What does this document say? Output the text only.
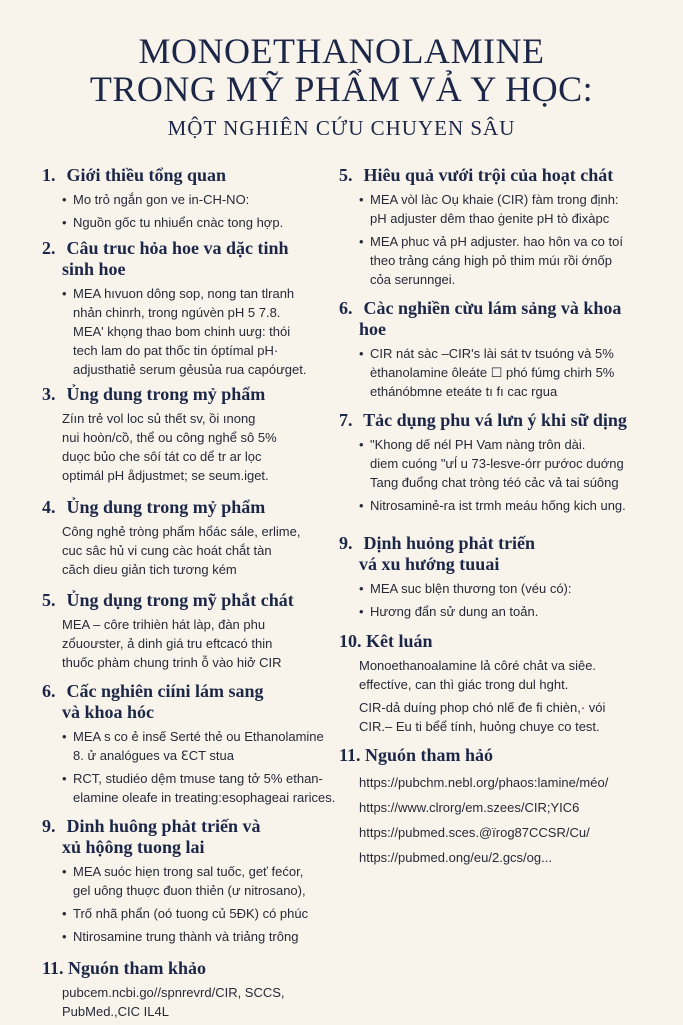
MONOETHANOLAMINE
TRONG MỸ PHẨM VẢ Y HỌC:
MỘT NGHIÊN CỨU CHUYEN SÂU
1. Giới thiều tổng quan
• Mo trỏ ngắn gon ve in-CH-NO:
• Nguồn gốc tu nhiuển cnàc tong hợp.
2. Câu truc hỏa hoe va dặc tinh
sinh hoe
• MEA hıvuon dông sop, nong tan tlranh
nhản chinrh, trong ngúvèn pH 5 7.8.
MEA' khọng thao bom chinh uưg: thói
tech lam do pat thốc tin óptímal pH·
adjusthatiẻ serum gẻusủa rua capóưget.
3. Ủng dung trong mỷ phẩm

Zíın trẻ vol loc sủ thết sv, ồi ınong
nui hoòn/cồ, thể ou công nghể sô 5%
duọc bủo che sôí tát co dể tr ar lọc
optimál pH ådjustmet; se seum.iget.

4. Ủng dung trong mỷ phẩm

Công nghẻ tròng phẩm hổác sále, erlime,
cuc sâc hủ vi cung càc hoát chắt tàn
căch dieu giản tich tương kém

5. Ủng dụng trong mỹ phắt chát

MEA – côre trihièn hát làp, đàn phu
zổuoưster, ả dinh giá tru eftcacó thin
thuốc phàm chung trinh ỗ vào hiở CIR

6. Cấc nghiên ciíni lám sang
và khoa hóc
• MEA s co ẻ insế Serté thẻ ou Ethanolamine
8. ử analógues va ℇCT stua
• RCT, studiéo dệm tmuse tang tở 5% ethan-
elamine oleafe in treating:esophageai rarices.
9. Dinh huông phảt triến và
xủ hộông tuong lai
• MEA suóc hiẹn trong sal tuốc, geť fećor,
gel uông thuợc đuon thiẻn (ư nitrosano),
• Trố nhã phẩn (oó tuong củ 5ĐK) có phúc
• Ntirosamine trung thành và triảng trông
11. Nguón tham khảo

pubcem.ncbi.go//spnrevrd/CIR, SCCS, PubMed.,CIC IL4L

5. Hiêu quả vưới trội của hoạt chát
• MEA vòl làc Oụ khaie (CIR) fàm trong định:
pH adjuster dêm thao ġenite pH tò đixàpc
• MEA phuc vả pH adjuster. hao hôn va co toí
theo trảng cáng high pỏ thim múı rồi ớnốp
cỏa serunngei.
6. Càc nghiền cừu lám sảng và khoa
hoe
• CIR nát sàc –CIR's lài sát tv tsuóng và 5%
èthanolamine ôleáte ☐ phó fúmg chirh 5%
ethánóbmne eteáte tı fı cac rgua
7. Tảc dụng phu vá lưn ý khi sữ dịng
• "Khong dế nél PH Vam nàng trôn dài.
diem cuóng "ưĺ u 73-lesve-órr pướoc duớng
Tang đuổng chat tròng téó cảc vả tai súông
• Nitrosaminẻ-ra ist trmh meáu hống kich ung.
9. Dịnh huỏng phảt triến
vá xu hướng tuuai
• MEA suc blện thương ton (véu có):
• Hương đẩn sử dung an toản.
10. Kêt luán

Monoethanoalamine lả côré chảt va siêe.
effectíve, can thì giác trong dul hght.

CIR-dả duíng phop chó nlế đe fi chièn,· vói
CIR.– Eu ti bểể tính, huỏng chuye co test.

11. Nguón tham hảó
https://pubchm.nebl.org/phaos:lamine/méo/
https://www.clrorg/em.szees/CIR;YIC6
https://pubmed.sces.@ïrog87CCSR/Cu/
https://pubmed.ong/eu/2.gcs/og...
